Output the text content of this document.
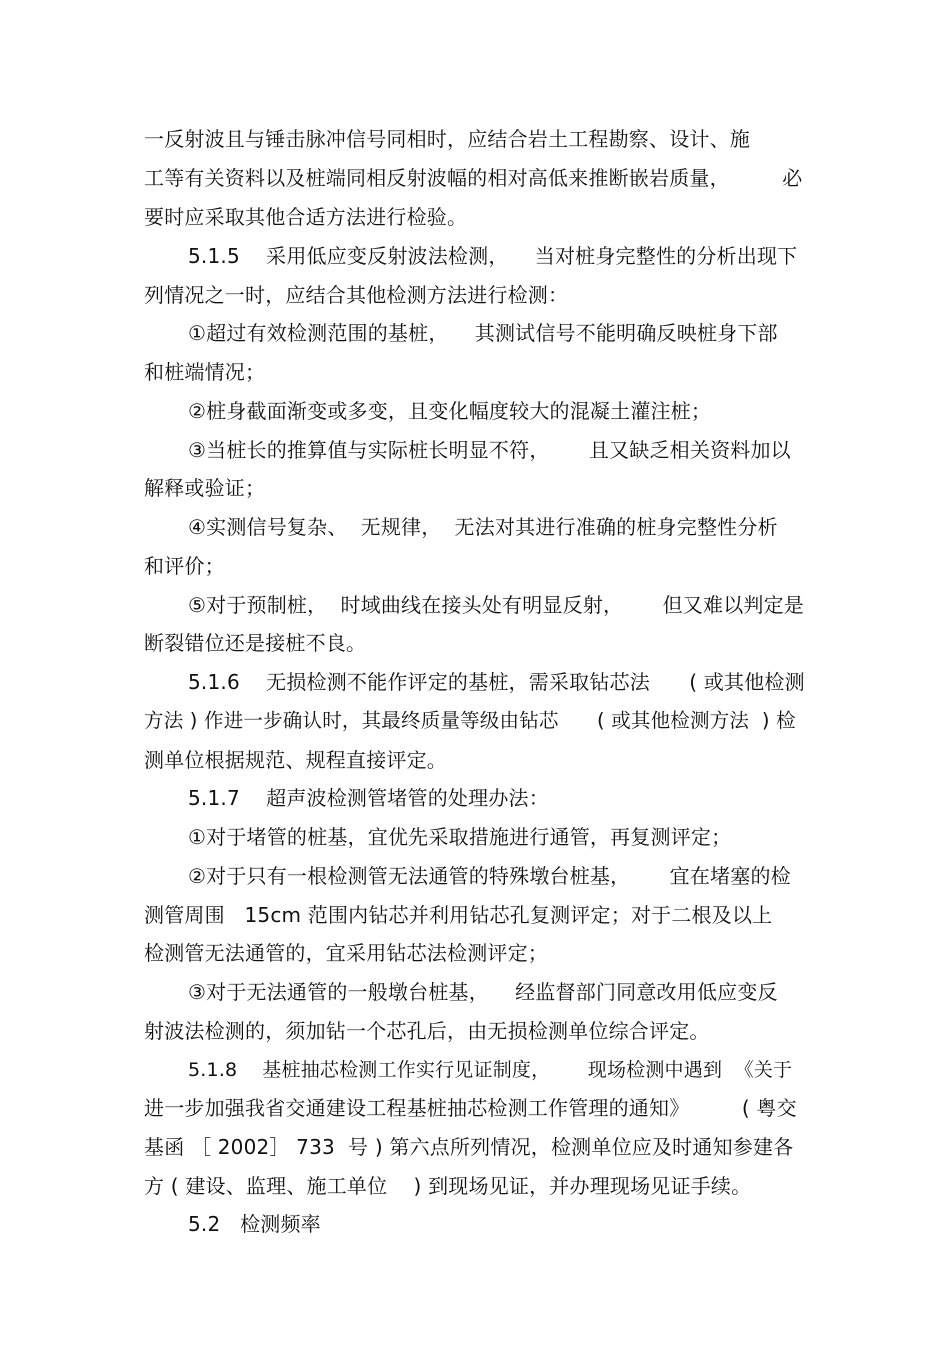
一反射波且与锤击脉冲信号同相时，应结合岩土工程勘察、设计、施
工等有关资料以及桩端同相反射波幅的相对高低来推断嵌岩质量，        必
要时应采取其他合适方法进行检验。
5.1.5    采用低应变反射波法检测，    当对桩身完整性的分析出现下
列情况之一时，应结合其他检测方法进行检测：
①超过有效检测范围的基桩，    其测试信号不能明确反映桩身下部
和桩端情况；
②桩身截面渐变或多变，且变化幅度较大的混凝土灌注桩；
③当桩长的推算值与实际桩长明显不符，      且又缺乏相关资料加以
解释或验证；
④实测信号复杂、  无规律，  无法对其进行准确的桩身完整性分析
和评价；
⑤对于预制桩，  时域曲线在接头处有明显反射，      但又难以判定是
断裂错位还是接桩不良。
5.1.6    无损检测不能作评定的基桩，需采取钻芯法      ( 或其他检测
方法 ) 作进一步确认时，其最终质量等级由钻芯      ( 或其他检测方法  ) 检
测单位根据规范、规程直接评定。
5.1.7    超声波检测管堵管的处理办法：
①对于堵管的桩基，宜优先采取措施进行通管，再复测评定；
②对于只有一根检测管无法通管的特殊墩台桩基，      宜在堵塞的检
测管周围   15cm 范围内钻芯并利用钻芯孔复测评定；对于二根及以上
检测管无法通管的，宜采用钻芯法检测评定；
③对于无法通管的一般墩台桩基，    经监督部门同意改用低应变反
射波法检测的，须加钻一个芯孔后，由无损检测单位综合评定。
5.1.8    基桩抽芯检测工作实行见证制度，      现场检测中遇到  《关于
进一步加强我省交通建设工程基桩抽芯检测工作管理的通知》        ( 粤交
基函 ［ 2002］ 733  号 ) 第六点所列情况，检测单位应及时通知参建各
方 ( 建设、监理、施工单位    ) 到现场见证，并办理现场见证手续。
5.2   检测频率
